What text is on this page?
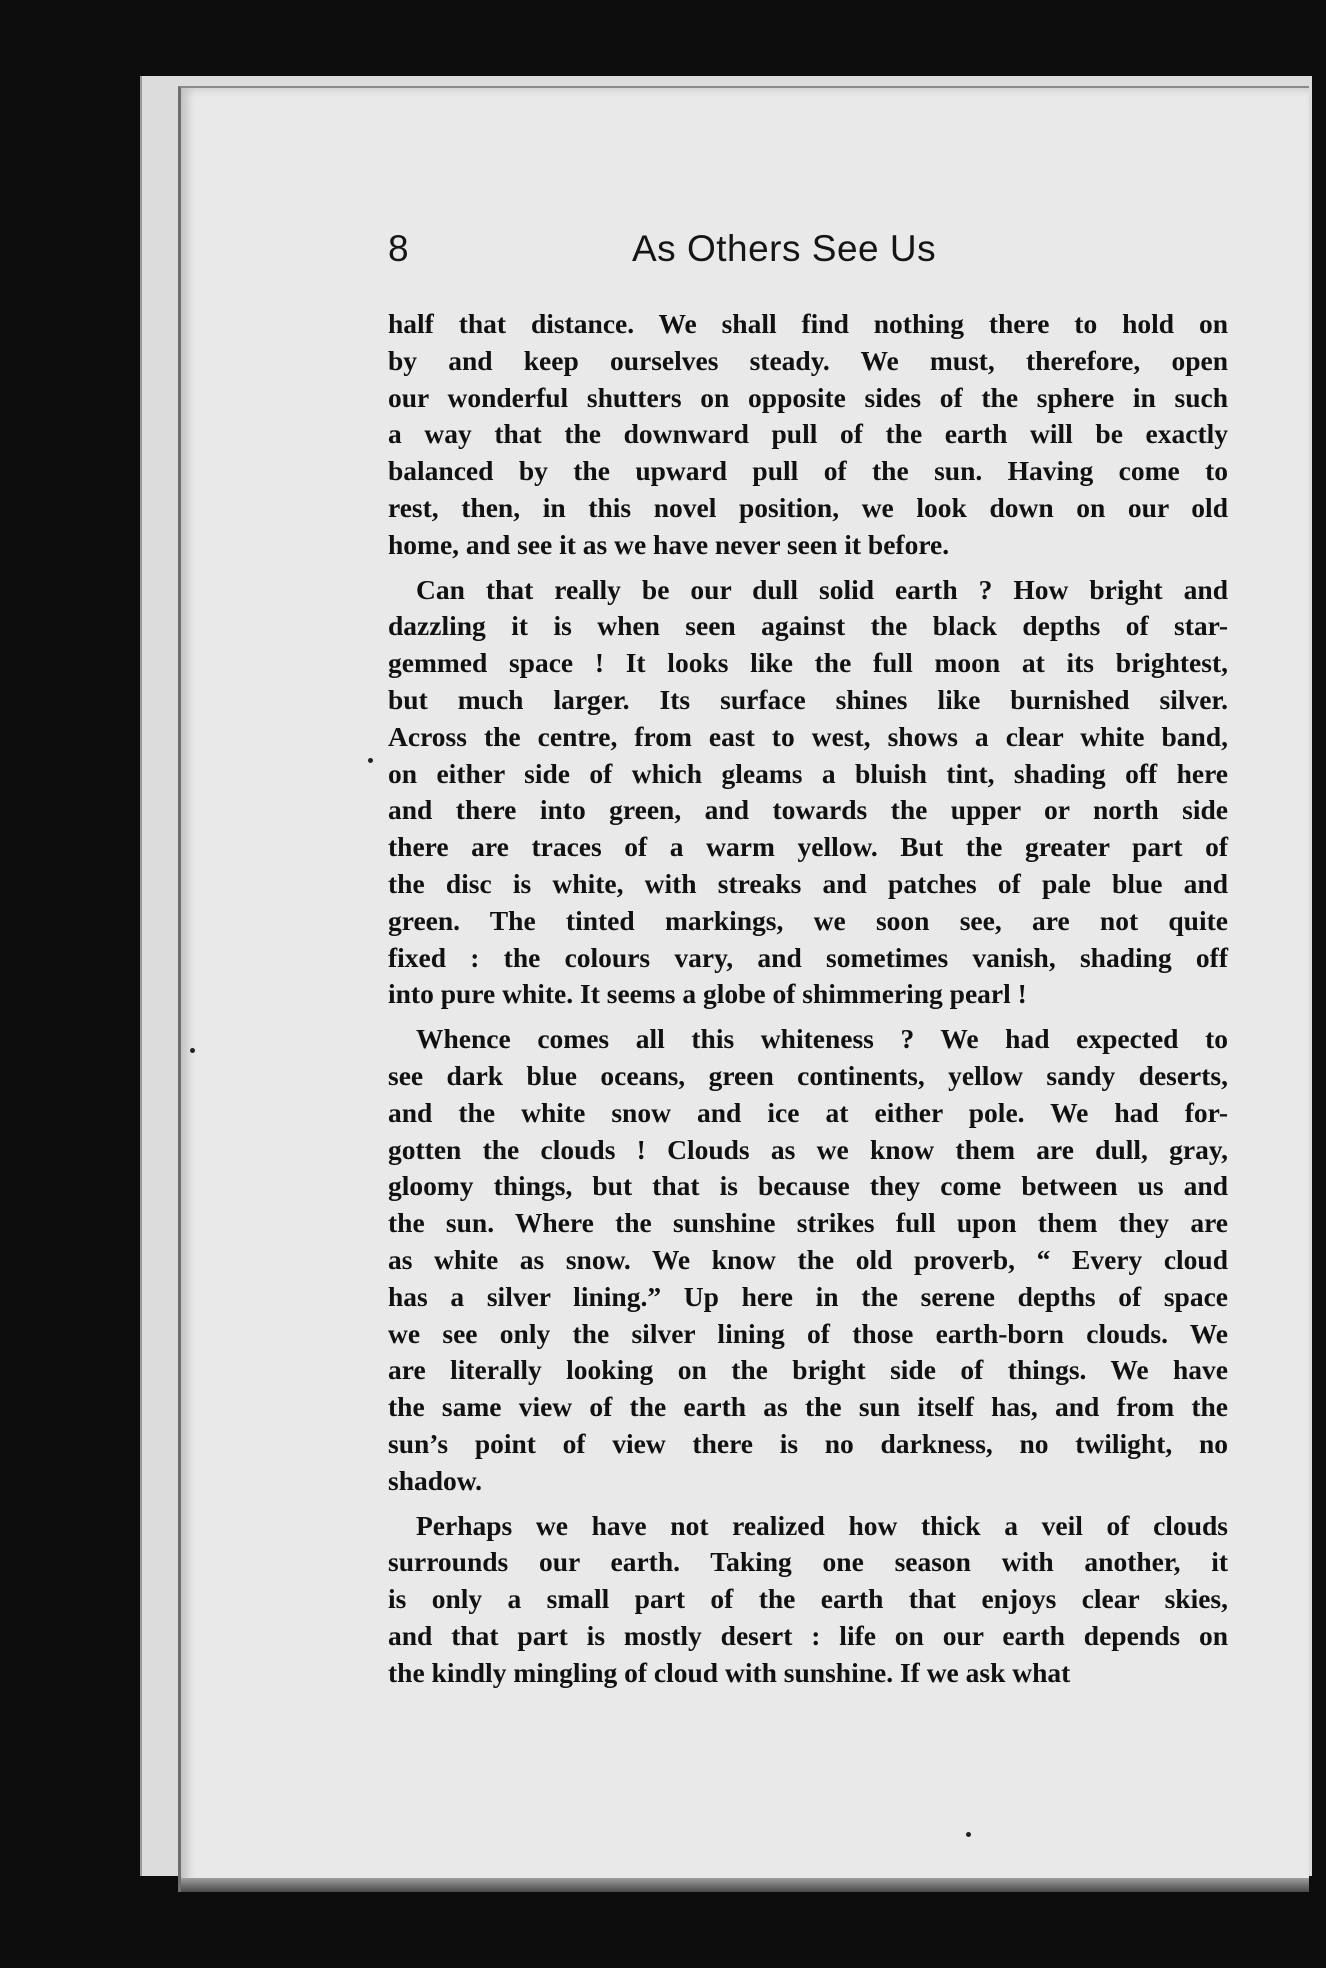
8	As Others See Us
half that distance. We shall find nothing there to hold on
by and keep ourselves steady. We must, therefore, open
our wonderful shutters on opposite sides of the sphere in such
a way that the downward pull of the earth will be exactly
balanced by the upward pull of the sun. Having come to
rest, then, in this novel position, we look down on our old
home, and see it as we have never seen it before.
Can that really be our dull solid earth ? How bright and
dazzling it is when seen against the black depths of star-
gemmed space ! It looks like the full moon at its brightest,
but much larger. Its surface shines like burnished silver.
Across the centre, from east to west, shows a clear white band,
on either side of which gleams a bluish tint, shading off here
and there into green, and towards the upper or north side
there are traces of a warm yellow. But the greater part of
the disc is white, with streaks and patches of pale blue and
green. The tinted markings, we soon see, are not quite
fixed : the colours vary, and sometimes vanish, shading off
into pure white. It seems a globe of shimmering pearl !
Whence comes all this whiteness ? We had expected to
see dark blue oceans, green continents, yellow sandy deserts,
and the white snow and ice at either pole. We had for-
gotten the clouds ! Clouds as we know them are dull, gray,
gloomy things, but that is because they come between us and
the sun. Where the sunshine strikes full upon them they are
as white as snow. We know the old proverb, “ Every cloud
has a silver lining.” Up here in the serene depths of space
we see only the silver lining of those earth-born clouds. We
are literally looking on the bright side of things. We have
the same view of the earth as the sun itself has, and from the
sun’s point of view there is no darkness, no twilight, no
shadow.
Perhaps we have not realized how thick a veil of clouds
surrounds our earth. Taking one season with another, it
is only a small part of the earth that enjoys clear skies,
and that part is mostly desert : life on our earth depends on
the kindly mingling of cloud with sunshine. If we ask what
